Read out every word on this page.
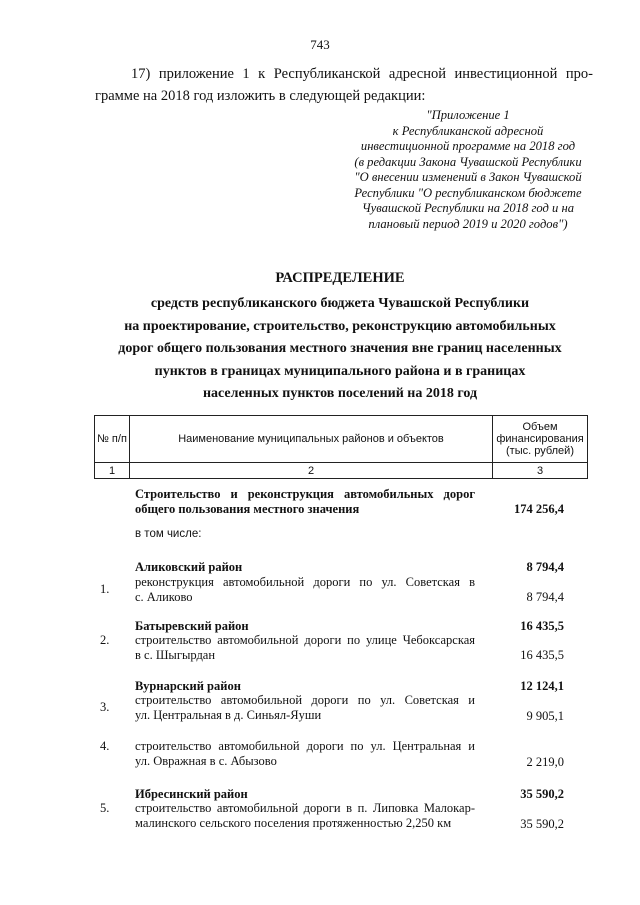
743
17) приложение 1 к Республиканской адресной инвестиционной про-
грамме на 2018 год изложить в следующей редакции:
"Приложение 1
к Республиканской адресной
инвестиционной программе на 2018 год
(в редакции Закона Чувашской Республики
"О внесении изменений в Закон Чувашской
Республики "О республиканском бюджете
Чувашской Республики на 2018 год и на
плановый период 2019 и 2020 годов")
РАСПРЕДЕЛЕНИЕ
средств республиканского бюджета Чувашской Республики
на проектирование, строительство, реконструкцию автомобильных
дорог общего пользования местного значения вне границ населенных
пунктов в границах муниципального района и в границах
населенных пунктов поселений на 2018 год
№ п/п	Наименование муниципальных районов и объектов	Объем
финансирования
(тыс. рублей)

1	2	3
Строительство и реконструкция автомобильных дорог
общего пользования местного значения	174 256,4
в том числе:
Аликовский район	8 794,4
1.	реконструкция автомобильной дороги по ул. Советская в
с. Аликово	8 794,4
Батыревский район	16 435,5
2.	строительство автомобильной дороги по улице Чебоксарская
в с. Шыгырдан	16 435,5
Вурнарский район	12 124,1
3.	строительство автомобильной дороги по ул. Советская и
ул. Центральная в д. Синьял-Яуши	9 905,1
4.	строительство автомобильной дороги по ул. Центральная и
ул. Овражная в с. Абызово	2 219,0
Ибресинский район	35 590,2
5.	строительство автомобильной дороги в п. Липовка Малокар-
малинского сельского поселения протяженностью 2,250 км	35 590,2
